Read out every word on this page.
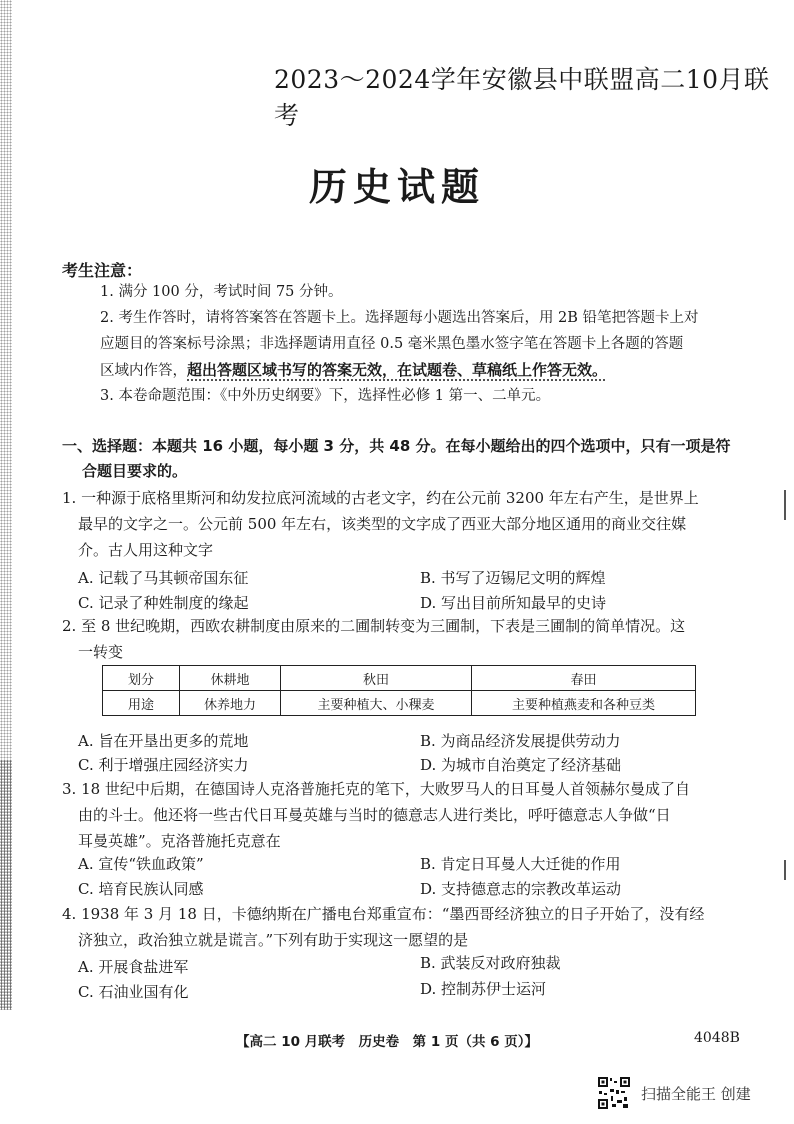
2023～2024学年安徽县中联盟高二10月联考
历史试题
考生注意：
1. 满分 100 分，考试时间 75 分钟。
2. 考生作答时，请将答案答在答题卡上。选择题每小题选出答案后，用 2B 铅笔把答题卡上对
应题目的答案标号涂黑；非选择题请用直径 0.5 毫米黑色墨水签字笔在答题卡上各题的答题
区域内作答，超出答题区域书写的答案无效，在试题卷、草稿纸上作答无效。
3. 本卷命题范围：《中外历史纲要》下，选择性必修 1 第一、二单元。
一、选择题：本题共 16 小题，每小题 3 分，共 48 分。在每小题给出的四个选项中，只有一项是符
合题目要求的。
1. 一种源于底格里斯河和幼发拉底河流域的古老文字，约在公元前 3200 年左右产生，是世界上
最早的文字之一。公元前 500 年左右，该类型的文字成了西亚大部分地区通用的商业交往媒
介。古人用这种文字
A. 记载了马其顿帝国东征	B. 书写了迈锡尼文明的辉煌
C. 记录了种姓制度的缘起	D. 写出目前所知最早的史诗
2. 至 8 世纪晚期，西欧农耕制度由原来的二圃制转变为三圃制，下表是三圃制的简单情况。这
一转变
划分	休耕地	秋田	春田
用途	休养地力	主要种植大、小稞麦	主要种植燕麦和各种豆类
A. 旨在开垦出更多的荒地	B. 为商品经济发展提供劳动力
C. 利于增强庄园经济实力	D. 为城市自治奠定了经济基础
3. 18 世纪中后期，在德国诗人克洛普施托克的笔下，大败罗马人的日耳曼人首领赫尔曼成了自
由的斗士。他还将一些古代日耳曼英雄与当时的德意志人进行类比，呼吁德意志人争做“日
耳曼英雄”。克洛普施托克意在
A. 宣传“铁血政策”	B. 肯定日耳曼人大迁徙的作用
C. 培育民族认同感	D. 支持德意志的宗教改革运动
4. 1938 年 3 月 18 日，卡德纳斯在广播电台郑重宣布：“墨西哥经济独立的日子开始了，没有经
济独立，政治独立就是谎言。”下列有助于实现这一愿望的是
A. 开展食盐进军	B. 武装反对政府独裁
C. 石油业国有化	D. 控制苏伊士运河
【高二 10 月联考　历史卷　第 1 页（共 6 页）】	4048B
扫描全能王 创建
